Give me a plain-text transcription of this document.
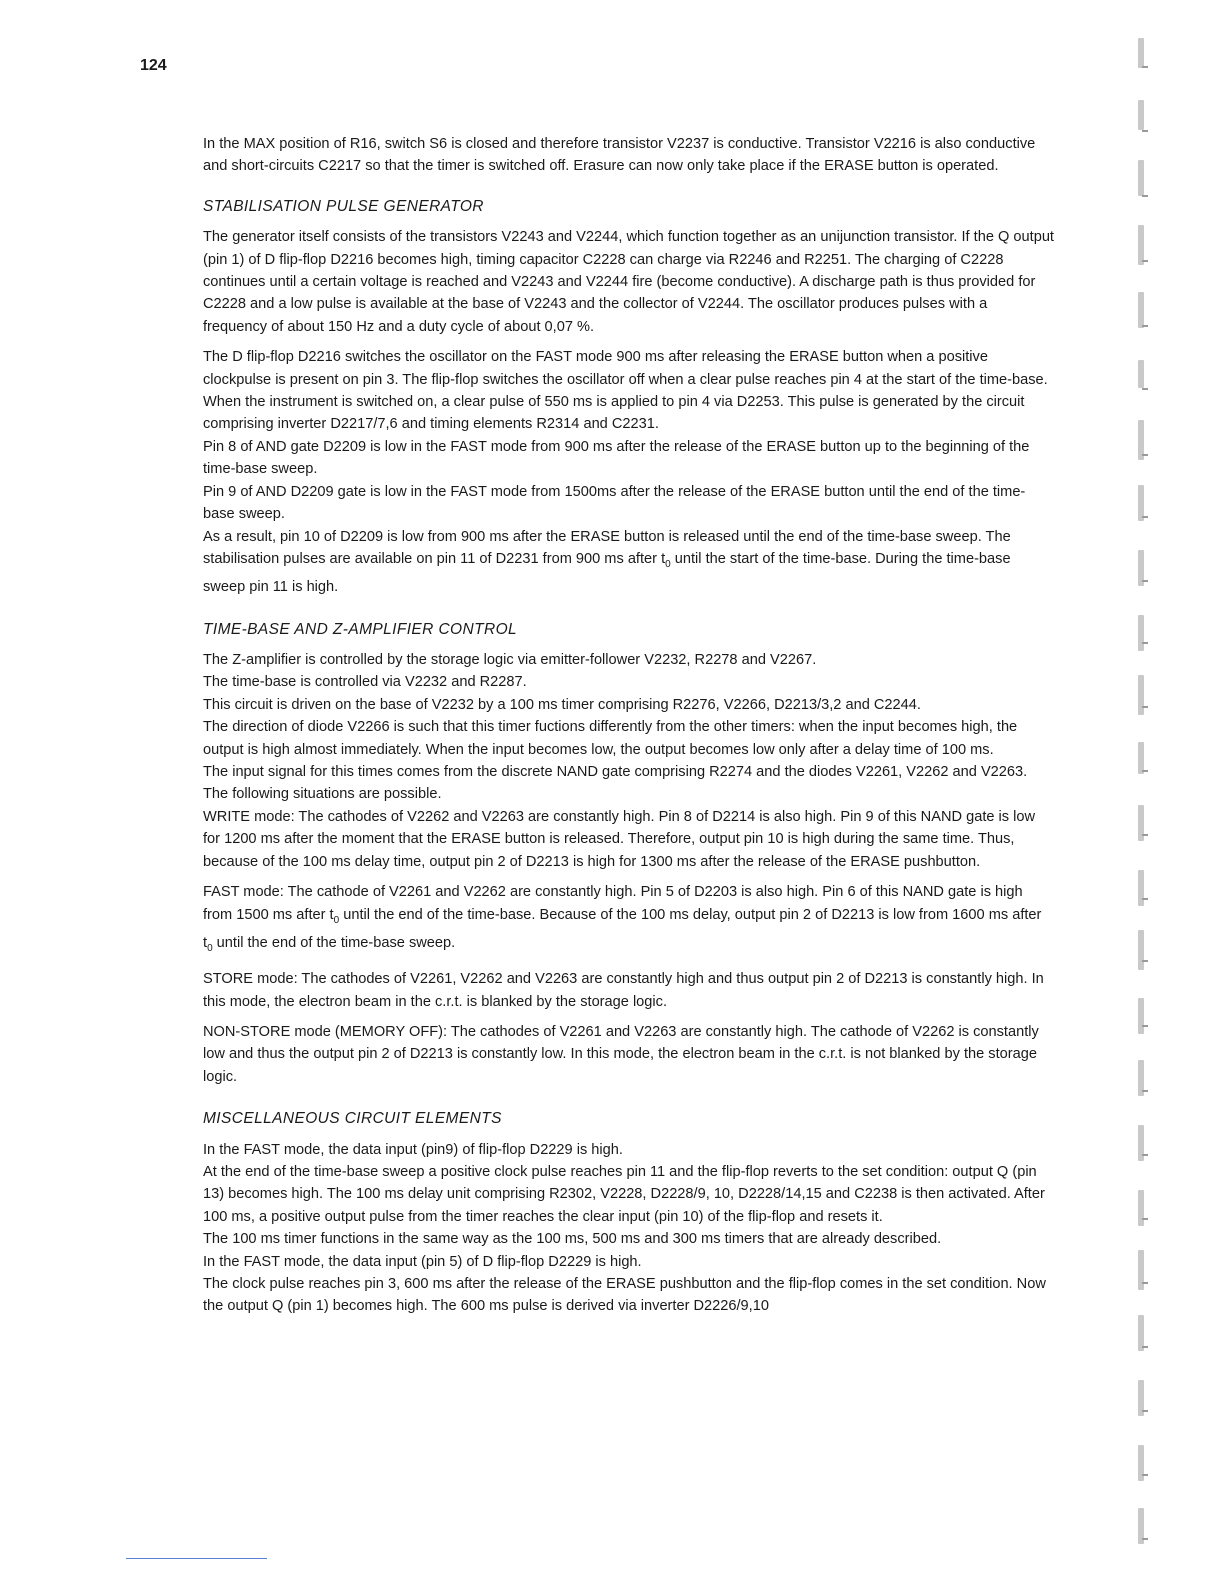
124

In the MAX position of R16, switch S6 is closed and therefore transistor V2237 is conductive. Transistor V2216 is also conductive and short-circuits C2217 so that the timer is switched off. Erasure can now only take place if the ERASE button is operated.

STABILISATION PULSE GENERATOR

The generator itself consists of the transistors V2243 and V2244, which function together as an unijunction transistor. If the Q output (pin 1) of D flip-flop D2216 becomes high, timing capacitor C2228 can charge via R2246 and R2251. The charging of C2228 continues until a certain voltage is reached and V2243 and V2244 fire (become conductive). A discharge path is thus provided for C2228 and a low pulse is available at the base of V2243 and the collector of V2244. The oscillator produces pulses with a frequency of about 150 Hz and a duty cycle of about 0,07 %.

The D flip-flop D2216 switches the oscillator on the FAST mode 900 ms after releasing the ERASE button when a positive clockpulse is present on pin 3. The flip-flop switches the oscillator off when a clear pulse reaches pin 4 at the start of the time-base. When the instrument is switched on, a clear pulse of 550 ms is applied to pin 4 via D2253. This pulse is generated by the circuit comprising inverter D2217/7,6 and timing elements R2314 and C2231.

Pin 8 of AND gate D2209 is low in the FAST mode from 900 ms after the release of the ERASE button up to the beginning of the time-base sweep.

Pin 9 of AND D2209 gate is low in the FAST mode from 1500ms after the release of the ERASE button until the end of the time-base sweep.

As a result, pin 10 of D2209 is low from 900 ms after the ERASE button is released until the end of the time-base sweep. The stabilisation pulses are available on pin 11 of D2231 from 900 ms after $t_0$ until the start of the time-base. During the time-base sweep pin 11 is high.

TIME-BASE AND Z-AMPLIFIER CONTROL

The Z-amplifier is controlled by the storage logic via emitter-follower V2232, R2278 and V2267.

The time-base is controlled via V2232 and R2287.

This circuit is driven on the base of V2232 by a 100 ms timer comprising R2276, V2266, D2213/3,2 and C2244.

The direction of diode V2266 is such that this timer fuctions differently from the other timers: when the input becomes high, the output is high almost immediately. When the input becomes low, the output becomes low only after a delay time of 100 ms.

The input signal for this times comes from the discrete NAND gate comprising R2274 and the diodes V2261, V2262 and V2263. The following situations are possible.

WRITE mode: The cathodes of V2262 and V2263 are constantly high. Pin 8 of D2214 is also high. Pin 9 of this NAND gate is low for 1200 ms after the moment that the ERASE button is released. Therefore, output pin 10 is high during the same time. Thus, because of the 100 ms delay time, output pin 2 of D2213 is high for 1300 ms after the release of the ERASE pushbutton.

FAST mode: The cathode of V2261 and V2262 are constantly high. Pin 5 of D2203 is also high. Pin 6 of this NAND gate is high from 1500 ms after $t_0$ until the end of the time-base. Because of the 100 ms delay, output pin 2 of D2213 is low from 1600 ms after $t_0$ until the end of the time-base sweep.

STORE mode: The cathodes of V2261, V2262 and V2263 are constantly high and thus output pin 2 of D2213 is constantly high. In this mode, the electron beam in the c.r.t. is blanked by the storage logic.

NON-STORE mode (MEMORY OFF): The cathodes of V2261 and V2263 are constantly high. The cathode of V2262 is constantly low and thus the output pin 2 of D2213 is constantly low. In this mode, the electron beam in the c.r.t. is not blanked by the storage logic.

MISCELLANEOUS CIRCUIT ELEMENTS

In the FAST mode, the data input (pin9) of flip-flop D2229 is high.

At the end of the time-base sweep a positive clock pulse reaches pin 11 and the flip-flop reverts to the set condition: output Q (pin 13) becomes high. The 100 ms delay unit comprising R2302, V2228, D2228/9, 10, D2228/14,15 and C2238 is then activated. After 100 ms, a positive output pulse from the timer reaches the clear input (pin 10) of the flip-flop and resets it.

The 100 ms timer functions in the same way as the 100 ms, 500 ms and 300 ms timers that are already described.

In the FAST mode, the data input (pin 5) of D flip-flop D2229 is high.

The clock pulse reaches pin 3, 600 ms after the release of the ERASE pushbutton and the flip-flop comes in the set condition. Now the output Q (pin 1) becomes high. The 600 ms pulse is derived via inverter D2226/9,10
